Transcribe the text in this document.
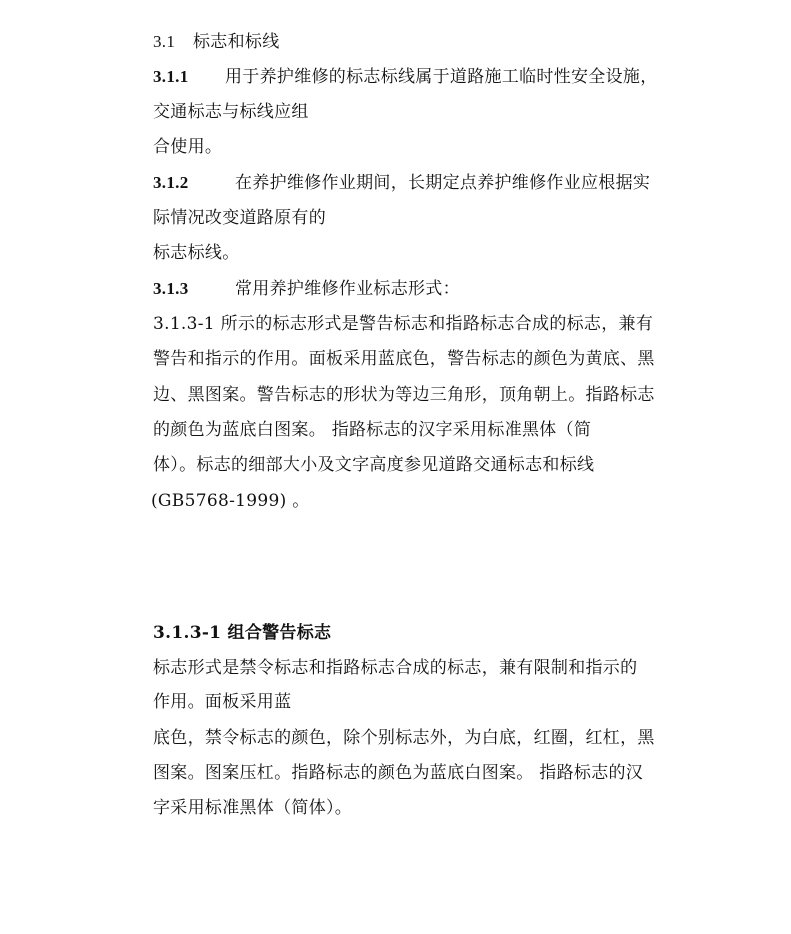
3.1 标志和标线
3.1.1 用于养护维修的标志标线属于道路施工临时性安全设施，
交通标志与标线应组
合使用。
3.1.2	在养护维修作业期间，长期定点养护维修作业应根据实
际情况改变道路原有的
标志标线。
3.1.3	常用养护维修作业标志形式：
3.1.3-1 所示的标志形式是警告标志和指路标志合成的标志，兼有
警告和指示的作用。面板采用蓝底色，警告标志的颜色为黄底、黑
边、黑图案。警告标志的形状为等边三角形，顶角朝上。指路标志
的颜色为蓝底白图案。 指路标志的汉字采用标准黑体（简
体）。标志的细部大小及文字高度参见道路交通标志和标线
(GB5768-1999) 。
3.1.3-1 组合警告标志
标志形式是禁令标志和指路标志合成的标志，兼有限制和指示的
作用。面板采用蓝
底色，禁令标志的颜色，除个别标志外，为白底，红圈，红杠，黑
图案。图案压杠。指路标志的颜色为蓝底白图案。 指路标志的汉
字采用标准黑体（简体）。
